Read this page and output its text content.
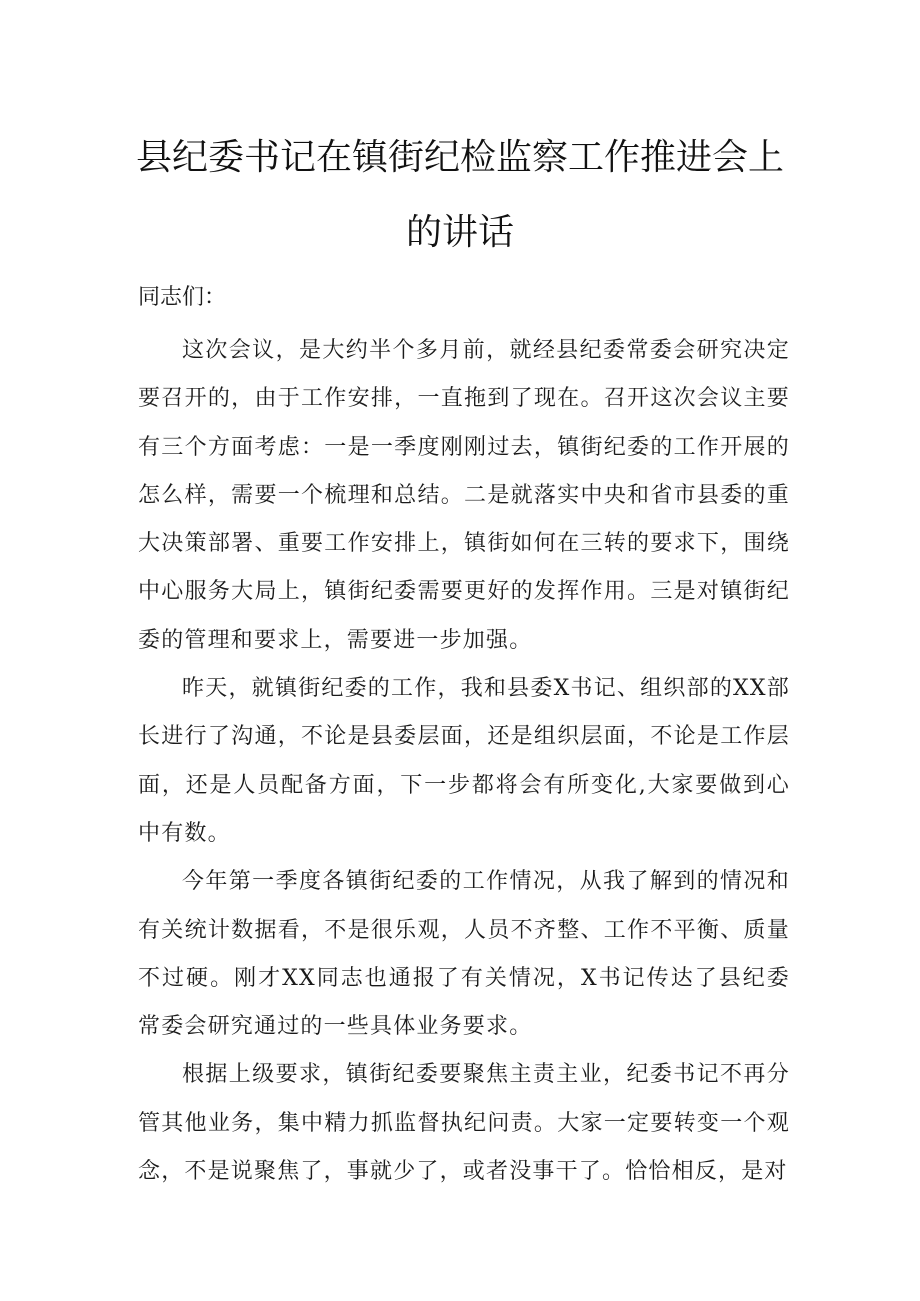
县纪委书记在镇街纪检监察工作推进会上
的讲话
同志们：

这次会议，是大约半个多月前，就经县纪委常委会研究决定要召开的，由于工作安排，一直拖到了现在。召开这次会议主要有三个方面考虑：一是一季度刚刚过去，镇街纪委的工作开展的怎么样，需要一个梳理和总结。二是就落实中央和省市县委的重大决策部署、重要工作安排上，镇街如何在三转的要求下，围绕中心服务大局上，镇街纪委需要更好的发挥作用。三是对镇街纪委的管理和要求上，需要进一步加强。

昨天，就镇街纪委的工作，我和县委X书记、组织部的XX部长进行了沟通，不论是县委层面，还是组织层面，不论是工作层面，还是人员配备方面，下一步都将会有所变化,大家要做到心中有数。

今年第一季度各镇街纪委的工作情况，从我了解到的情况和有关统计数据看，不是很乐观，人员不齐整、工作不平衡、质量不过硬。刚才XX同志也通报了有关情况，X书记传达了县纪委常委会研究通过的一些具体业务要求。

根据上级要求，镇街纪委要聚焦主责主业，纪委书记不再分管其他业务，集中精力抓监督执纪问责。大家一定要转变一个观念，不是说聚焦了，事就少了，或者没事干了。恰恰相反，是对
